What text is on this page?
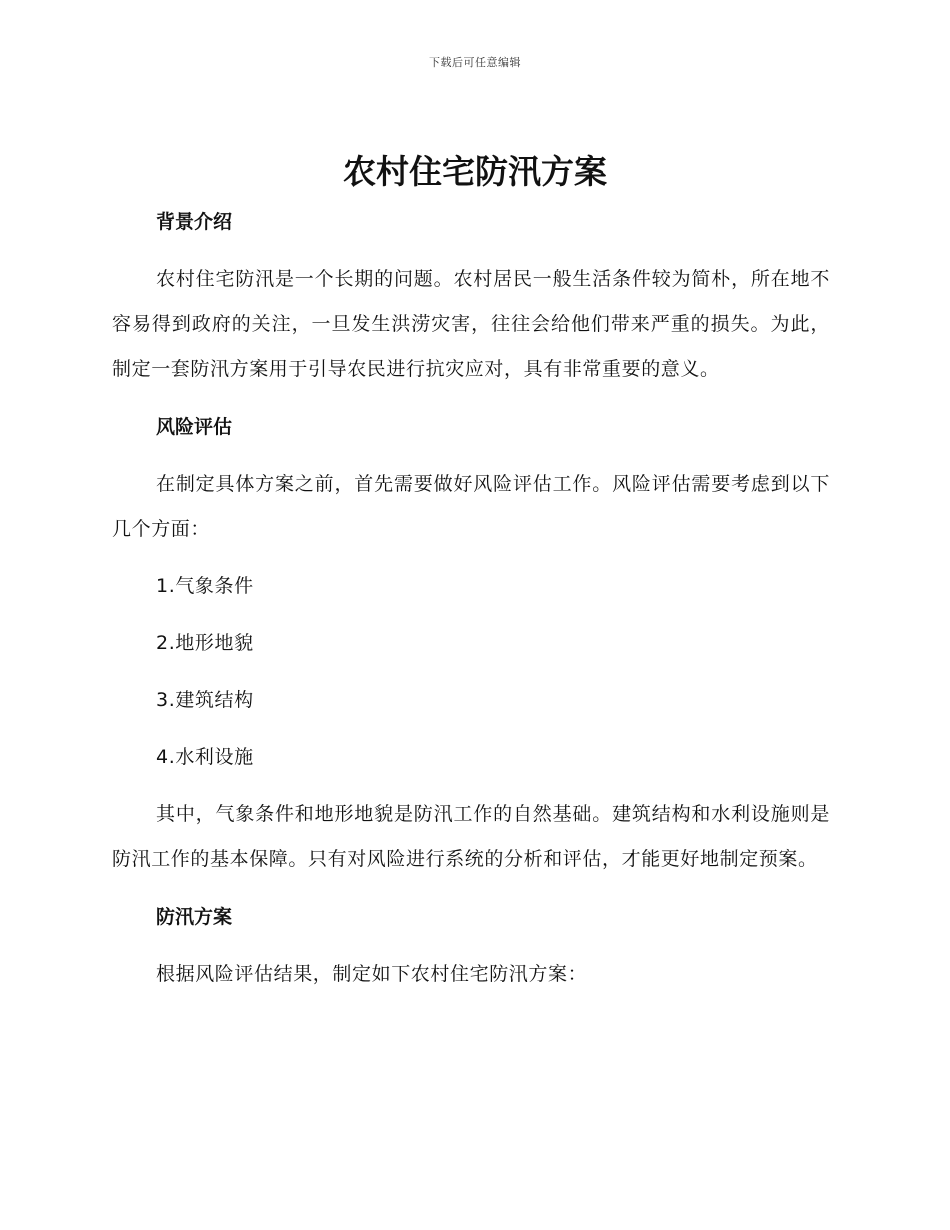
下载后可任意编辑
农村住宅防汛方案
背景介绍

农村住宅防汛是一个长期的问题。农村居民一般生活条件较为简朴，所在地不容易得到政府的关注，一旦发生洪涝灾害，往往会给他们带来严重的损失。为此，制定一套防汛方案用于引导农民进行抗灾应对，具有非常重要的意义。

风险评估

在制定具体方案之前，首先需要做好风险评估工作。风险评估需要考虑到以下几个方面：

1.气象条件
2.地形地貌
3.建筑结构
4.水利设施

其中，气象条件和地形地貌是防汛工作的自然基础。建筑结构和水利设施则是防汛工作的基本保障。只有对风险进行系统的分析和评估，才能更好地制定预案。

防汛方案

根据风险评估结果，制定如下农村住宅防汛方案：
